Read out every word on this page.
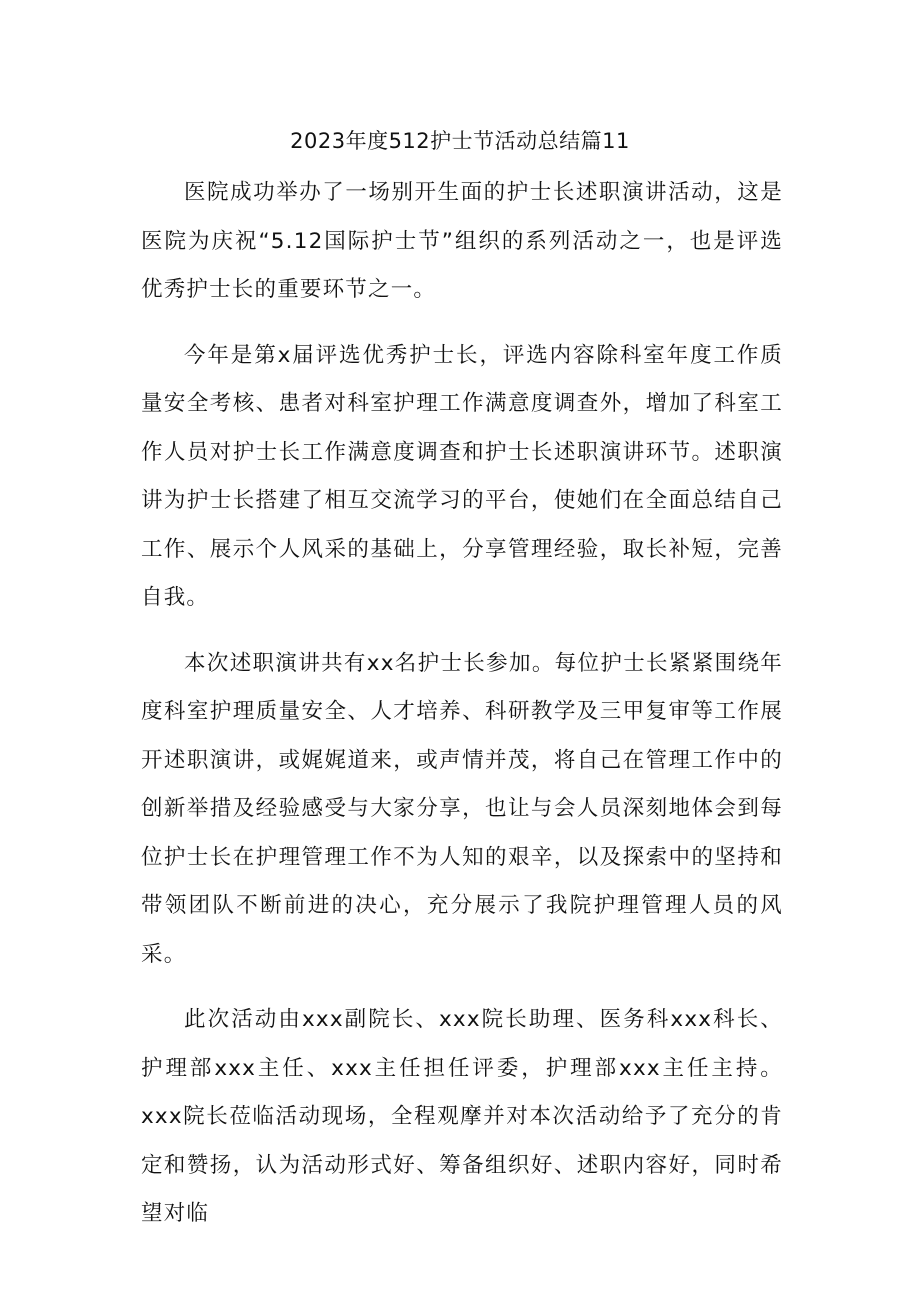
2023年度512护士节活动总结篇11

医院成功举办了一场别开生面的护士长述职演讲活动，这是医院为庆祝“5.12国际护士节”组织的系列活动之一，也是评选优秀护士长的重要环节之一。

今年是第x届评选优秀护士长，评选内容除科室年度工作质量安全考核、患者对科室护理工作满意度调查外，增加了科室工作人员对护士长工作满意度调查和护士长述职演讲环节。述职演讲为护士长搭建了相互交流学习的平台，使她们在全面总结自己工作、展示个人风采的基础上，分享管理经验，取长补短，完善自我。

本次述职演讲共有xx名护士长参加。每位护士长紧紧围绕年度科室护理质量安全、人才培养、科研教学及三甲复审等工作展开述职演讲，或娓娓道来，或声情并茂，将自己在管理工作中的创新举措及经验感受与大家分享，也让与会人员深刻地体会到每位护士长在护理管理工作不为人知的艰辛，以及探索中的坚持和带领团队不断前进的决心，充分展示了我院护理管理人员的风采。

此次活动由xxx副院长、xxx院长助理、医务科xxx科长、护理部xxx主任、xxx主任担任评委，护理部xxx主任主持。xxx院长莅临活动现场，全程观摩并对本次活动给予了充分的肯定和赞扬，认为活动形式好、筹备组织好、述职内容好，同时希望对临
